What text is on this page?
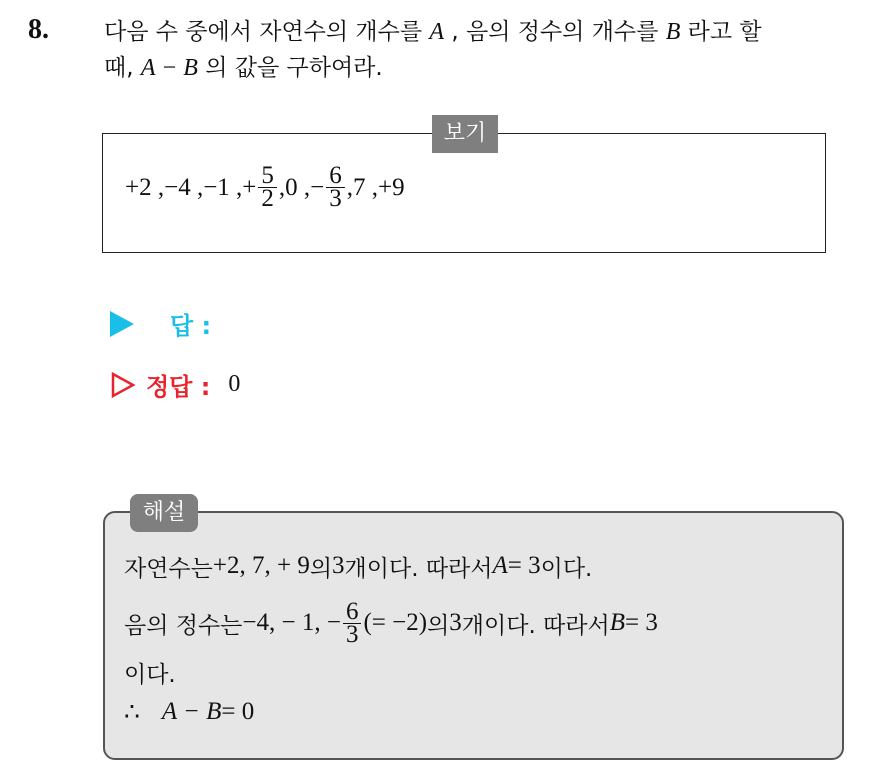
8. 다음 수 중에서 자연수의 개수를 A , 음의 정수의 개수를 B 라고 할
때, A − B 의 값을 구하여라.
보기
+2 ,−4 ,−1 ,+ $\frac{5}{2} ,0$ ,− $\frac{6}{3} ,7$ ,+9
답 :
정답 : 0
해설
자연수는 +2, 7, + 9 의 3 개이다. 따라서 A = 3 이다.
음의 정수는 −4, − 1, − $\frac{6}{3}$ (= −2) 의 3 개이다. 따라서 B = 3
이다.
∴ A − B = 0
